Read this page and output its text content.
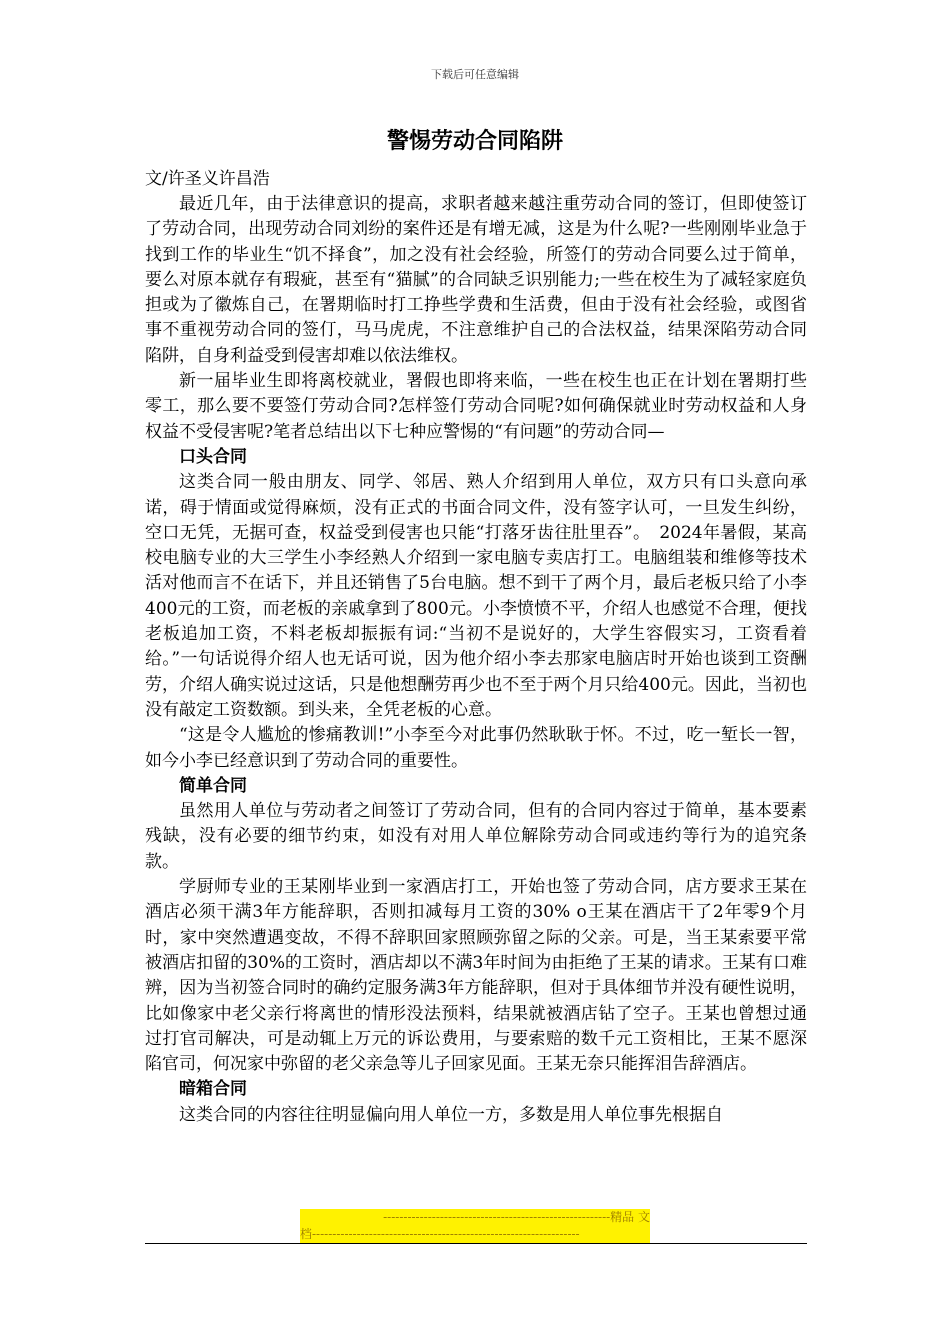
下载后可任意编辑
警惕劳动合同陷阱

文/许圣义许昌浩

最近几年，由于法律意识的提高，求职者越来越注重劳动合同的签订，但即使签订了劳动合同，出现劳动合同刘纷的案件还是有增无减，这是为什么呢?一些刚刚毕业急于找到工作的毕业生“饥不择食”，加之没有社会经验，所签仃的劳动合同要么过于简单，要么对原本就存有瑕疵，甚至有“猫腻”的合同缺乏识别能力;一些在校生为了减轻家庭负担或为了徽炼自己，在署期临时打工挣些学费和生活费，但由于没有社会经验，或图省事不重视劳动合同的签仃，马马虎虎，不注意维护自己的合法权益，结果深陷劳动合同陷阱，自身利益受到侵害却难以依法维权。

新一届毕业生即将离校就业，署假也即将来临，一些在校生也正在计划在署期打些零工，那么要不要签仃劳动合同?怎样签仃劳动合同呢?如何确保就业时劳动权益和人身权益不受侵害呢?笔者总结出以下七种应警惕的“有问题”的劳动合同—

口头合同

这类合同一般由朋友、同学、邻居、熟人介绍到用人单位，双方只有口头意向承诺，碍于情面或觉得麻烦，没有正式的书面合同文件，没有签字认可，一旦发生纠纷，空口无凭，无据可查，权益受到侵害也只能“打落牙齿往肚里吞”。　2024年暑假，某高校电脑专业的大三学生小李经熟人介绍到一家电脑专卖店打工。电脑组装和维修等技术活对他而言不在话下，并且还销售了5台电脑。想不到干了两个月，最后老板只给了小李400元的工资，而老板的亲戚拿到了800元。小李愤愤不平，介绍人也感觉不合理，便找老板追加工资，不料老板却振振有词:“当初不是说好的，大学生容假实习，工资看着给。”一句话说得介绍人也无话可说，因为他介绍小李去那家电脑店时开始也谈到工资酬劳，介绍人确实说过这话，只是他想酬劳再少也不至于两个月只给400元。因此，当初也没有敲定工资数额。到头来，全凭老板的心意。

“这是令人尴尬的惨痛教训!”小李至今对此事仍然耿耿于怀。不过，吃一堑长一智，如今小李已经意识到了劳动合同的重要性。

简单合同

虽然用人单位与劳动者之间签订了劳动合同，但有的合同内容过于简单，基本要素残缺，没有必要的细节约束，如没有对用人单位解除劳动合同或违约等行为的追究条款。

学厨师专业的王某刚毕业到一家酒店打工，开始也签了劳动合同，店方要求王某在酒店必须干满3年方能辞职，否则扣减每月工资的30% o王某在酒店干了2年零9个月时，家中突然遭遇变故，不得不辞职回家照顾弥留之际的父亲。可是，当王某索要平常被酒店扣留的30%的工资时，酒店却以不满3年时间为由拒绝了王某的请求。王某有口难辨，因为当初签合同时的确约定服务满3年方能辞职，但对于具体细节并没有硬性说明，比如像家中老父亲行将离世的情形没法预料，结果就被酒店钻了空子。王某也曾想过通过打官司解决，可是动辄上万元的诉讼费用，与要索赔的数千元工资相比，王某不愿深陷官司，何况家中弥留的老父亲急等儿子回家见面。王某无奈只能挥泪告辞酒店。

暗箱合同

这类合同的内容往往明显偏向用人单位一方，多数是用人单位事先根据自

--------------------------------------------------------精品 文
档------------------------------------------------------------------
